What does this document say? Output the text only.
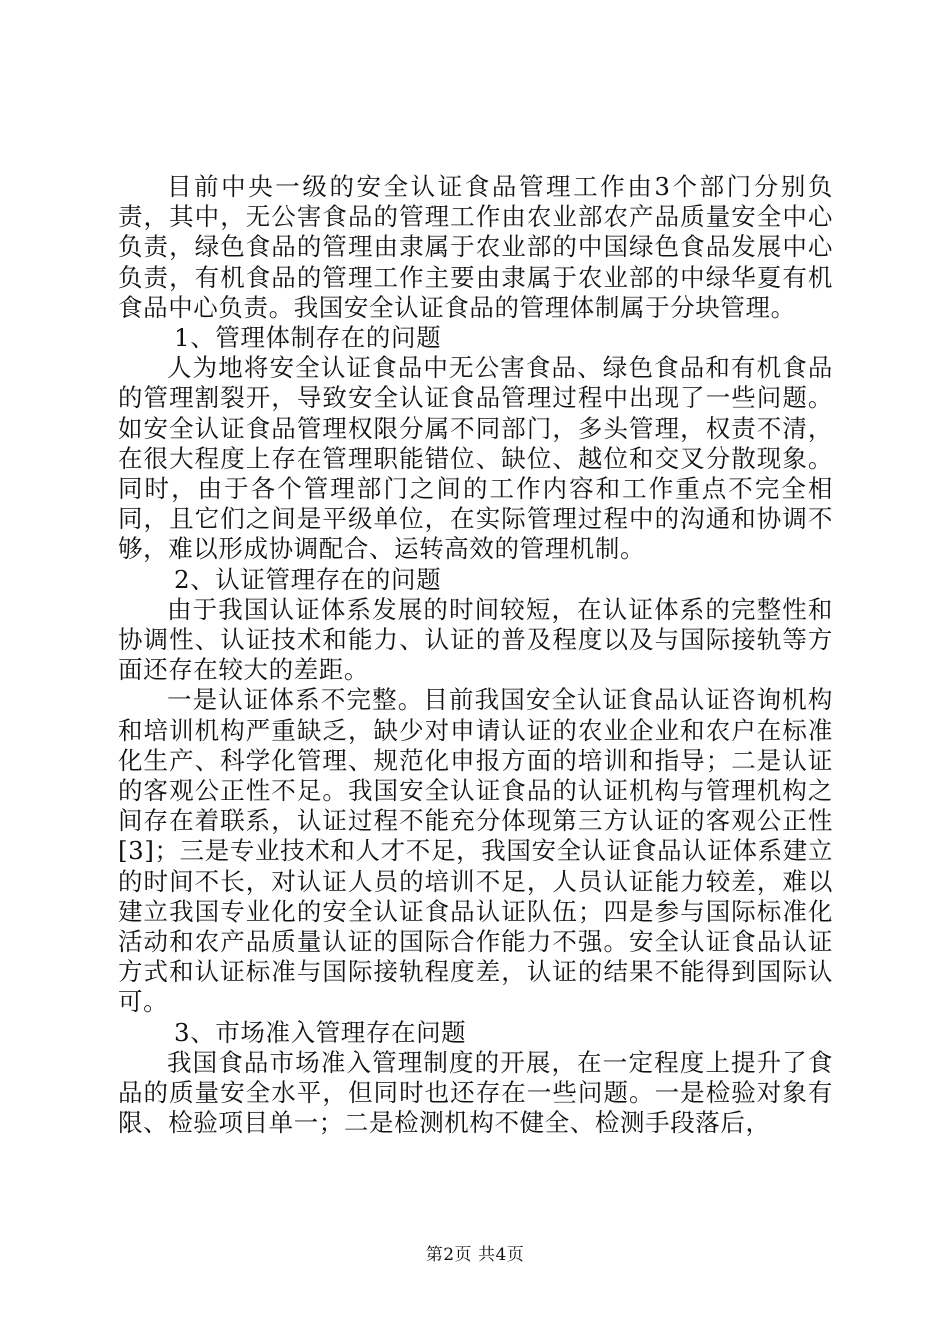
目前中央一级的安全认证食品管理工作由3个部门分别负责，其中，无公害食品的管理工作由农业部农产品质量安全中心负责，绿色食品的管理由隶属于农业部的中国绿色食品发展中心负责，有机食品的管理工作主要由隶属于农业部的中绿华夏有机食品中心负责。我国安全认证食品的管理体制属于分块管理。

1、管理体制存在的问题

人为地将安全认证食品中无公害食品、绿色食品和有机食品的管理割裂开，导致安全认证食品管理过程中出现了一些问题。如安全认证食品管理权限分属不同部门，多头管理，权责不清，在很大程度上存在管理职能错位、缺位、越位和交叉分散现象。同时，由于各个管理部门之间的工作内容和工作重点不完全相同，且它们之间是平级单位，在实际管理过程中的沟通和协调不够，难以形成协调配合、运转高效的管理机制。

2、认证管理存在的问题

由于我国认证体系发展的时间较短，在认证体系的完整性和协调性、认证技术和能力、认证的普及程度以及与国际接轨等方面还存在较大的差距。

一是认证体系不完整。目前我国安全认证食品认证咨询机构和培训机构严重缺乏，缺少对申请认证的农业企业和农户在标准化生产、科学化管理、规范化申报方面的培训和指导；二是认证的客观公正性不足。我国安全认证食品的认证机构与管理机构之间存在着联系，认证过程不能充分体现第三方认证的客观公正性[3]；三是专业技术和人才不足，我国安全认证食品认证体系建立的时间不长，对认证人员的培训不足，人员认证能力较差，难以建立我国专业化的安全认证食品认证队伍；四是参与国际标准化活动和农产品质量认证的国际合作能力不强。安全认证食品认证方式和认证标准与国际接轨程度差，认证的结果不能得到国际认可。

3、市场准入管理存在问题

我国食品市场准入管理制度的开展，在一定程度上提升了食品的质量安全水平，但同时也还存在一些问题。一是检验对象有限、检验项目单一；二是检测机构不健全、检测手段落后，

第2页 共4页
